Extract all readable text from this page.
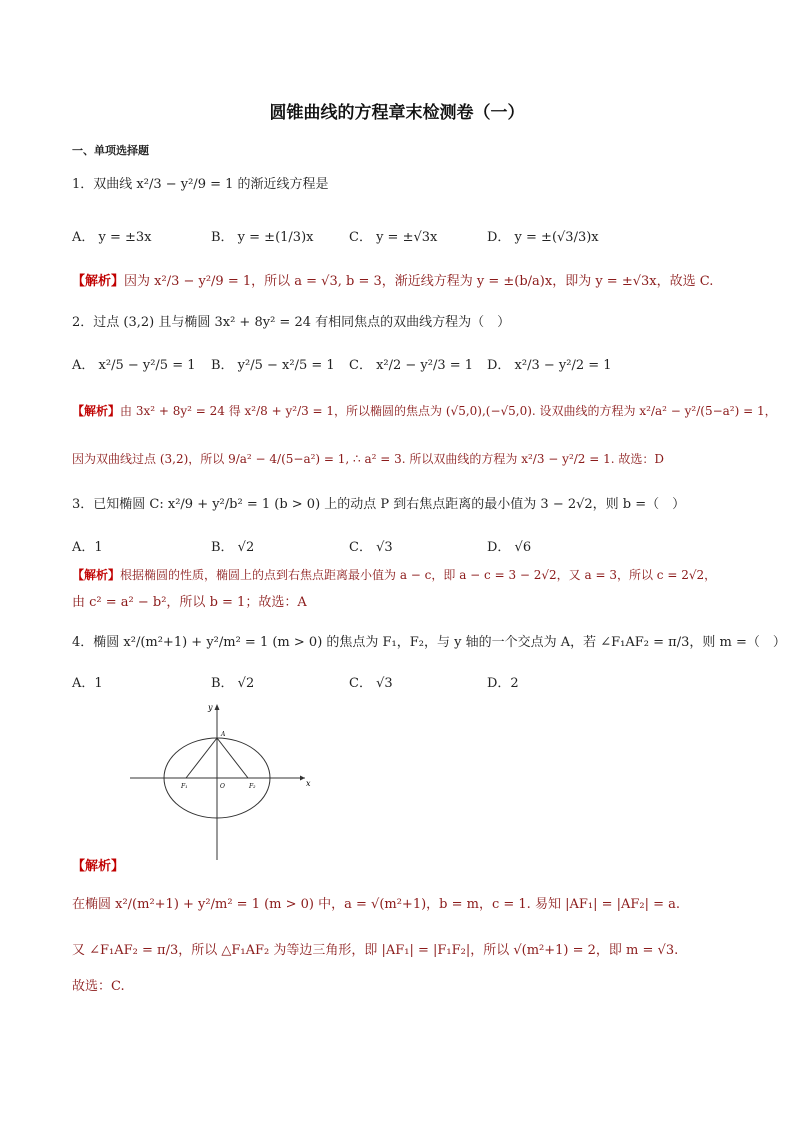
圆锥曲线的方程章末检测卷（一）
一、单项选择题
1．双曲线 x²/3 − y²/9 = 1 的渐近线方程是
A． y = ±3x	B． y = ±(1/3)x	C． y = ±√3x	D． y = ±(√3/3)x
【解析】因为 x²/3 − y²/9 = 1，所以 a = √3, b = 3，渐近线方程为 y = ±(b/a)x，即为 y = ±√3x，故选 C.
2．过点 (3,2) 且与椭圆 3x² + 8y² = 24 有相同焦点的双曲线方程为（　）
A． x²/5 − y²/5 = 1 B． y²/5 − x²/5 = 1 C． x²/2 − y²/3 = 1 D． x²/3 − y²/2 = 1
【解析】由 3x² + 8y² = 24 得 x²/8 + y²/3 = 1，所以椭圆的焦点为 (√5,0),(−√5,0). 设双曲线的方程为 x²/a² − y²/(5−a²) = 1，
因为双曲线过点 (3,2)，所以 9/a² − 4/(5−a²) = 1, ∴ a² = 3. 所以双曲线的方程为 x²/3 − y²/2 = 1. 故选：D
3．已知椭圆 C: x²/9 + y²/b² = 1 (b > 0) 上的动点 P 到右焦点距离的最小值为 3 − 2√2，则 b =（　）
A．1	B． √2	C． √3	D． √6
【解析】根据椭圆的性质，椭圆上的点到右焦点距离最小值为 a − c，即 a − c = 3 − 2√2，又 a = 3，所以 c = 2√2，
由 c² = a² − b²，所以 b = 1；故选：A
4．椭圆 x²/(m²+1) + y²/m² = 1 (m > 0) 的焦点为 F₁，F₂，与 y 轴的一个交点为 A，若 ∠F₁AF₂ = π/3，则 m =（　）
A．1	B． √2	C． √3	D．2
y
x
A
O
F₁	F₂
【解析】
在椭圆 x²/(m²+1) + y²/m² = 1 (m > 0) 中，a = √(m²+1)，b = m，c = 1. 易知 |AF₁| = |AF₂| = a.
又 ∠F₁AF₂ = π/3，所以 △F₁AF₂ 为等边三角形，即 |AF₁| = |F₁F₂|，所以 √(m²+1) = 2，即 m = √3.
故选：C.
